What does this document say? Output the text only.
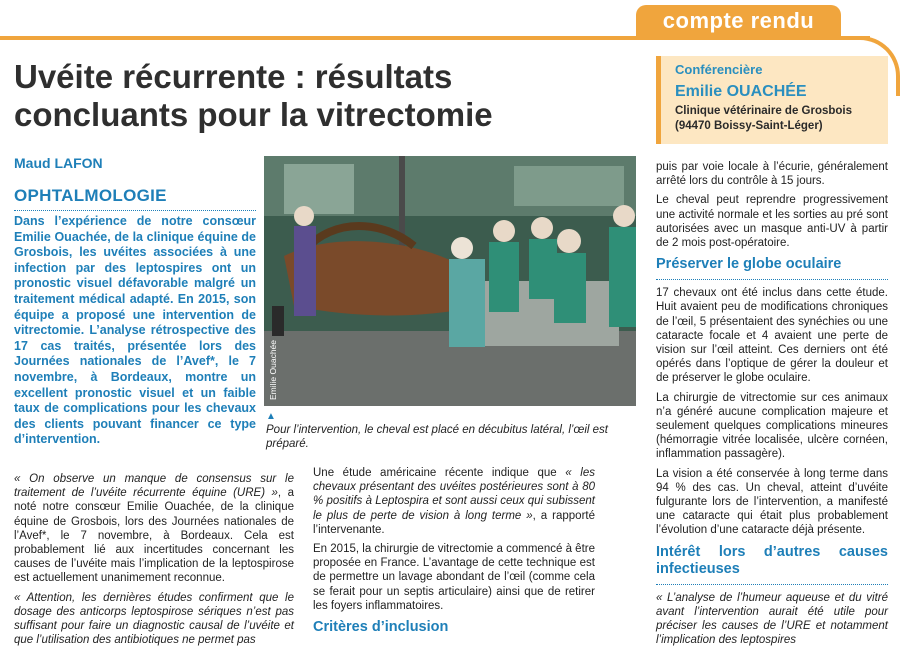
compte rendu
Uvéite récurrente : résultats
concluants pour la vitrectomie
Conférencière
Emilie OUACHÉE
Clinique vétérinaire de Grosbois
(94470 Boissy-Saint-Léger)
Maud LAFON
OPHTALMOLOGIE
Dans l’expérience de notre consœur Emilie Ouachée, de la clinique équine de Grosbois, les uvéites associées à une infection par des leptospires ont un pronostic visuel défavorable malgré un traitement médical adapté. En 2015, son équipe a proposé une intervention de vitrectomie. L’analyse rétrospective des 17 cas traités, présentée lors des Journées nationales de l’Avef*, le 7 novembre, à Bordeaux, montre un excellent pronostic visuel et un faible taux de complications pour les chevaux des clients pouvant financer ce type d’intervention.
Emilie Ouachée
▲
Pour l’intervention, le cheval est placé en décubitus latéral, l’œil est préparé.

« On observe un manque de consensus sur le traitement de l’uvéite récurrente équine (URE) », a noté notre consœur Emilie Ouachée, de la clinique équine de Grosbois, lors des Journées nationales de l’Avef*, le 7 novembre, à Bordeaux. Cela est probablement lié aux incertitudes concernant les causes de l’uvéite mais l’implication de la leptospirose est actuellement unanimement reconnue.

« Attention, les dernières études confirment que le dosage des anticorps leptospirose sériques n’est pas suffisant pour faire un diagnostic causal de l’uvéite et que l’utilisation des antibiotiques ne permet pas

Une étude américaine récente indique que « les chevaux présentant des uvéites postérieures sont à 80 % positifs à Leptospira et sont aussi ceux qui subissent le plus de perte de vision à long terme », a rapporté l’intervenante.

En 2015, la chirurgie de vitrectomie a commencé à être proposée en France. L’avantage de cette technique est de permettre un lavage abondant de l’œil (comme cela se ferait pour un septis articulaire) ainsi que de retirer les foyers inflammatoires.

Critères d’inclusion

puis par voie locale à l’écurie, généralement arrêté lors du contrôle à 15 jours.

Le cheval peut reprendre progressivement une activité normale et les sorties au pré sont autorisées avec un masque anti-UV à partir de 2 mois post-opératoire.

Préserver le globe oculaire

17 chevaux ont été inclus dans cette étude. Huit avaient peu de modifications chroniques de l’œil, 5 présentaient des synéchies ou une cataracte focale et 4 avaient une perte de vision sur l’œil atteint. Ces derniers ont été opérés dans l’optique de gérer la douleur et de préserver le globe oculaire.

La chirurgie de vitrectomie sur ces animaux n’a généré aucune complication majeure et seulement quelques complications mineures (hémorragie vitrée localisée, ulcère cornéen, inflammation passagère).

La vision a été conservée à long terme dans 94 % des cas. Un cheval, atteint d’uvéite fulgurante lors de l’intervention, a manifesté une cataracte qui était plus probablement l’évolution d’une cataracte déjà présente.

Intérêt lors d’autres causes infectieuses

« L’analyse de l’humeur aqueuse et du vitré avant l’intervention aurait été utile pour préciser les causes de l’URE et notamment l’implication des leptospires
